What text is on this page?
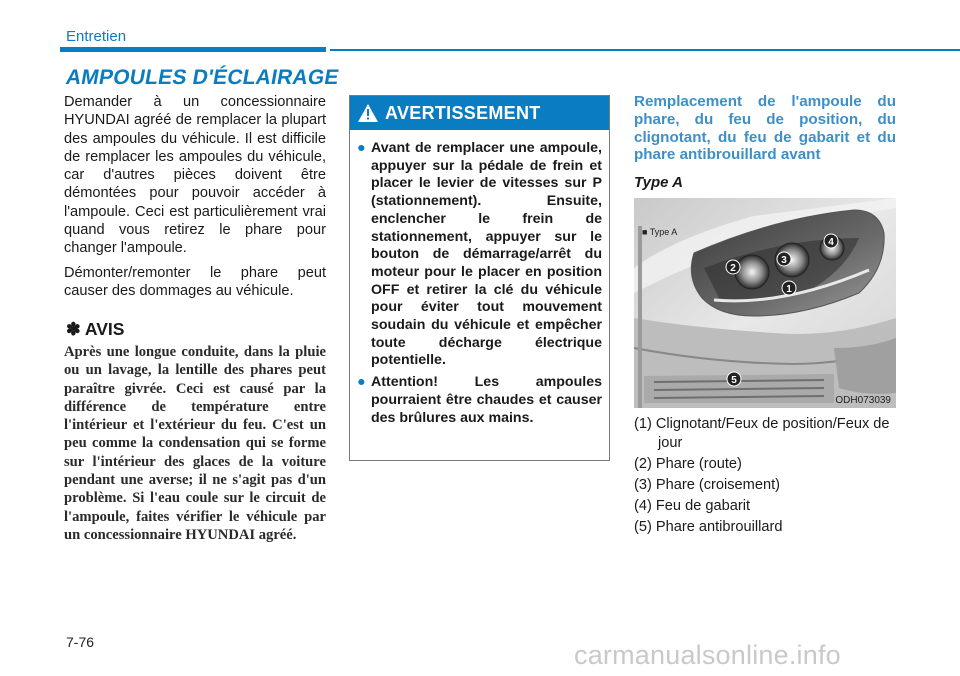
Entretien
AMPOULES D'ÉCLAIRAGE

Demander à un concessionnaire HYUNDAI agréé de remplacer la plupart des ampoules du véhicule. Il est difficile de remplacer les ampoules du véhicule, car d'autres pièces doivent être démontées pour pouvoir accéder à l'ampoule. Ceci est particulièrement vrai quand vous retirez le phare pour changer l'ampoule.

Démonter/remonter le phare peut causer des dommages au véhicule.

✽ AVIS
Après une longue conduite, dans la pluie ou un lavage, la lentille des phares peut paraître givrée. Ceci est causé par la différence de température entre l'intérieur et l'extérieur du feu. C'est un peu comme la condensation qui se forme sur l'intérieur des glaces de la voiture pendant une averse; il ne s'agit pas d'un problème. Si l'eau coule sur le circuit de l'ampoule, faites vérifier le véhicule par un concessionnaire HYUNDAI agréé.
AVERTISSEMENT
● Avant de remplacer une ampoule, appuyer sur la pédale de frein et placer le levier de vitesses sur P (stationnement). Ensuite, enclencher le frein de stationnement, appuyer sur le bouton de démarrage/arrêt du moteur pour le placer en position OFF et retirer la clé du véhicule pour éviter tout mouvement soudain du véhicule et empêcher toute décharge électrique potentielle.
● Attention! Les ampoules pourraient être chaudes et causer des brûlures aux mains.
Remplacement de l'ampoule du phare, du feu de position, du clignotant, du feu de gabarit et du phare antibrouillard avant
Type A
1
2
3
4
5
■ Type A
ODH073039
(1) Clignotant/Feux de position/Feux de jour
(2) Phare (route)
(3) Phare (croisement)
(4) Feu de gabarit
(5) Phare antibrouillard
7-76	carmanualsonline.info
